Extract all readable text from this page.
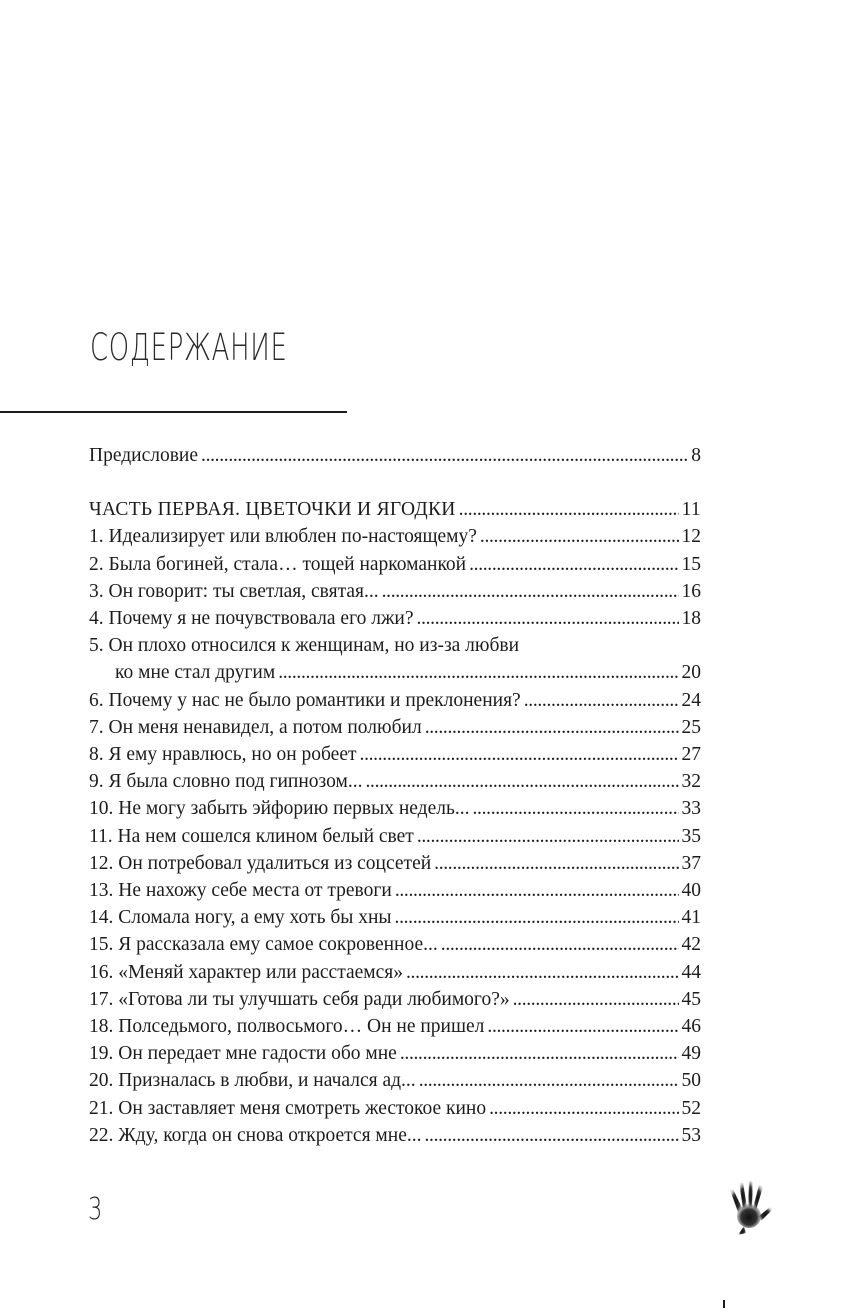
СОДЕРЖАНИЕ
Предисловие . . .	8
ЧАСТЬ ПЕРВАЯ. ЦВЕТОЧКИ И ЯГОДКИ . . .	11
1. Идеализирует или влюблен по-настоящему? . . .	12
2. Была богиней, стала… тощей наркоманкой . . .	15
3. Он говорит: ты светлая, святая... . . .	16
4. Почему я не почувствовала его лжи? . . .	18
5. Он плохо относился к женщинам, но из-за любви
ко мне стал другим . . .	20
6. Почему у нас не было романтики и преклонения? . . .	24
7. Он меня ненавидел, а потом полюбил . . .	25
8. Я ему нравлюсь, но он робеет . . .	27
9. Я была словно под гипнозом... . . .	32
10. Не могу забыть эйфорию первых недель... . . .	33
11. На нем сошелся клином белый свет . . .	35
12. Он потребовал удалиться из соцсетей . . .	37
13. Не нахожу себе места от тревоги . . .	40
14. Сломала ногу, а ему хоть бы хны . . .	41
15. Я рассказала ему самое сокровенное... . . .	42
16. «Меняй характер или расстаемся» . . .	44
17. «Готова ли ты улучшать себя ради любимого?» . . .	45
18. Полседьмого, полвосьмого… Он не пришел . . .	46
19. Он передает мне гадости обо мне . . .	49
20. Призналась в любви, и начался ад... . . .	50
21. Он заставляет меня смотреть жестокое кино . . .	52
22. Жду, когда он снова откроется мне... . . .	53
3
